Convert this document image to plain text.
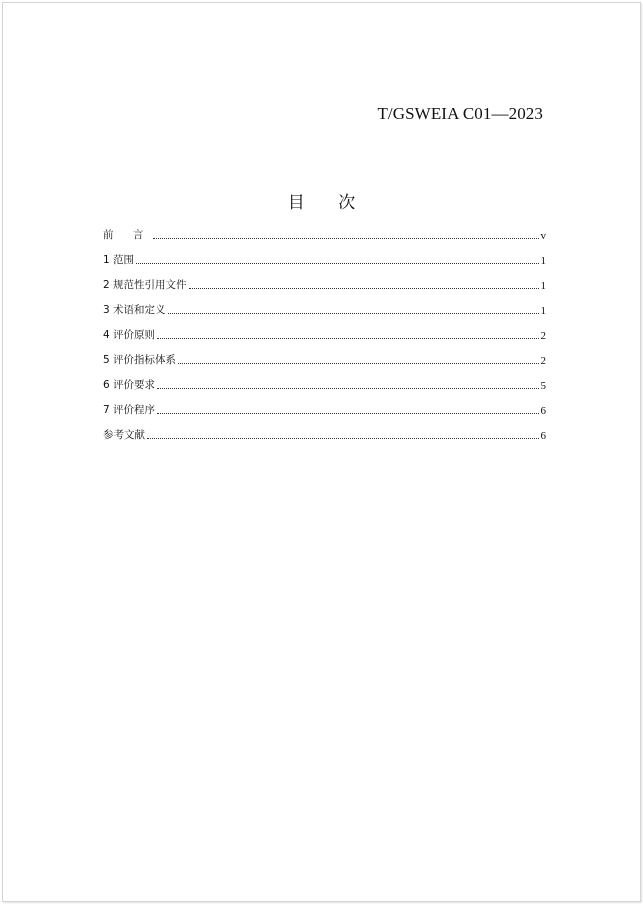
T/GSWEIA C01—2023
目 次
前 言	v
1 范围	1
2 规范性引用文件	1
3 术语和定义	1
4 评价原则	2
5 评价指标体系	2
6 评价要求	5
7 评价程序	6
参考文献	6
